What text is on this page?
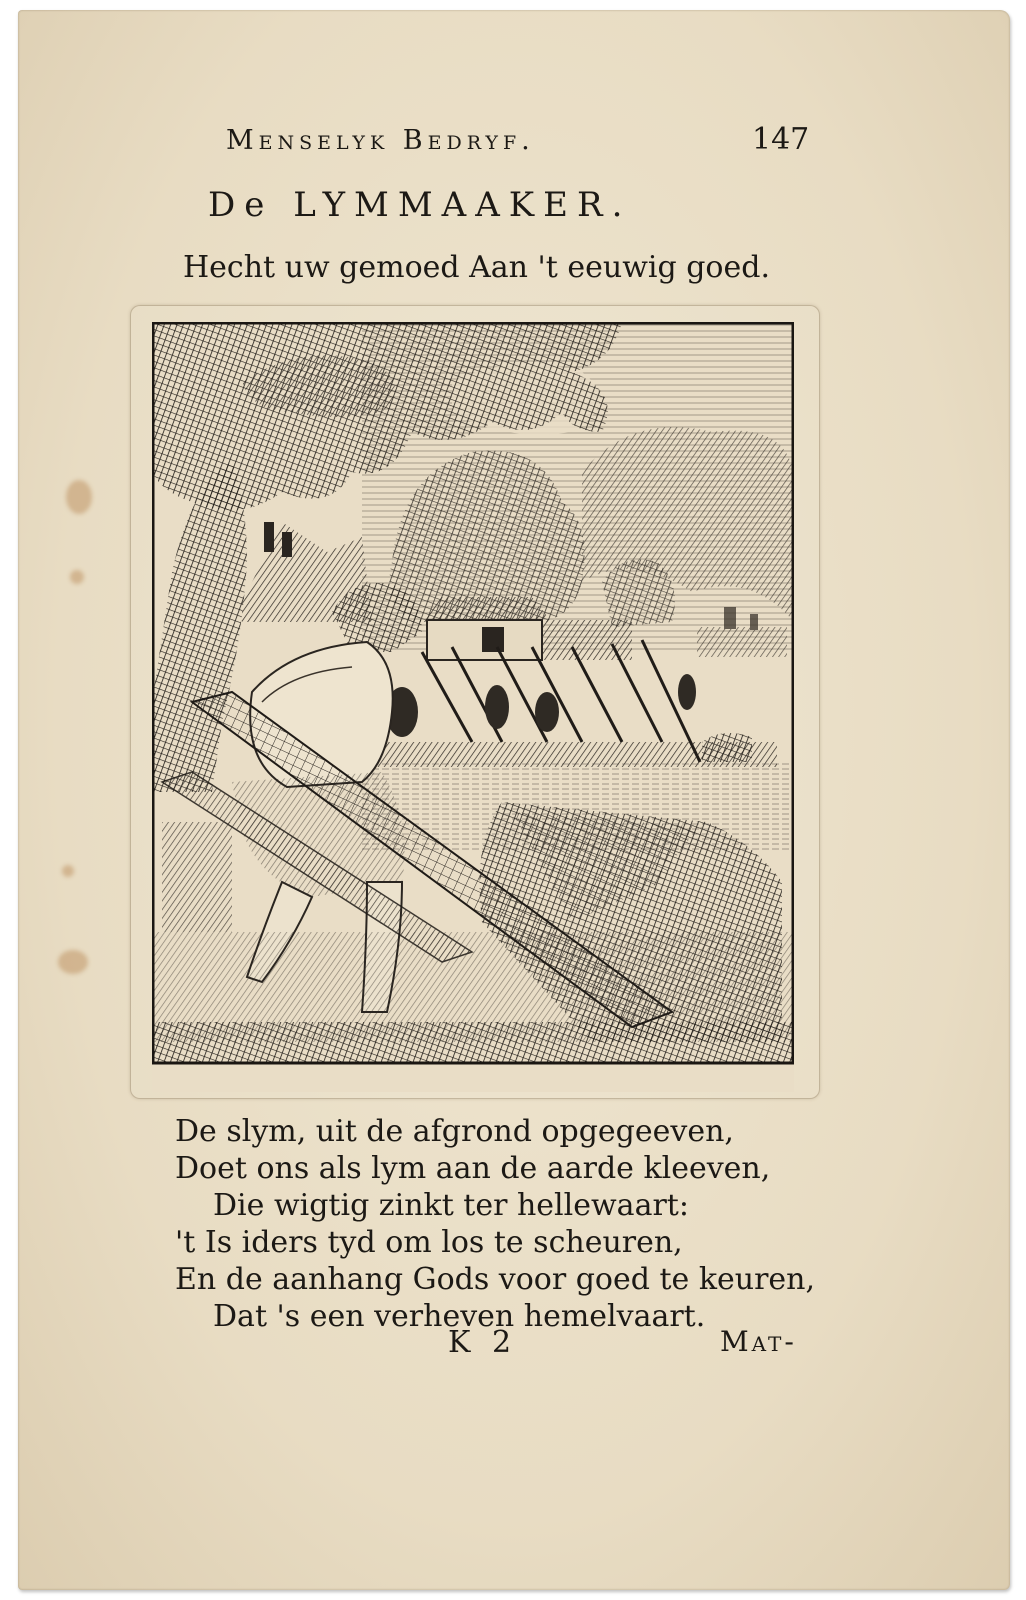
Menselyk Bedryf.	147
De LYMMAAKER.
Hecht uw gemoed Aan 't eeuwig goed.
De slym, uit de afgrond opgegeeven,
Doet ons als lym aan de aarde kleeven,
Die wigtig zinkt ter hellewaart:
't Is iders tyd om los te scheuren,
En de aanhang Gods voor goed te keuren,
Dat 's een verheven hemelvaart.
K 2	Mat-
